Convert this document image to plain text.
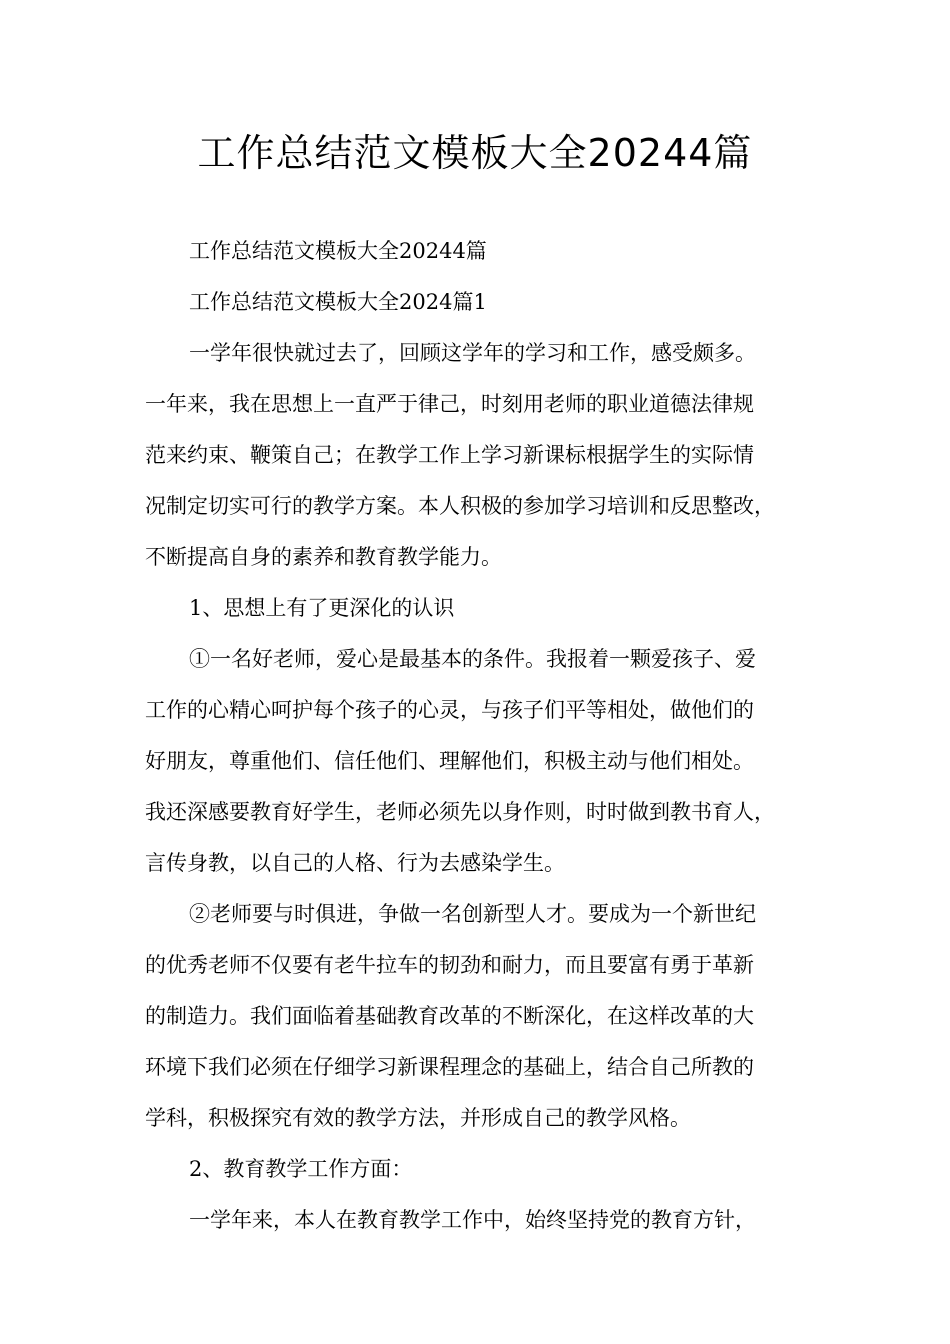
工作总结范文模板大全20244篇
工作总结范文模板大全20244篇
工作总结范文模板大全2024篇1
一学年很快就过去了，回顾这学年的学习和工作，感受颇多。
一年来，我在思想上一直严于律己，时刻用老师的职业道德法律规
范来约束、鞭策自己；在教学工作上学习新课标根据学生的实际情
况制定切实可行的教学方案。本人积极的参加学习培训和反思整改，
不断提高自身的素养和教育教学能力。
1、思想上有了更深化的认识
①一名好老师，爱心是最基本的条件。我报着一颗爱孩子、爱
工作的心精心呵护每个孩子的心灵，与孩子们平等相处，做他们的
好朋友，尊重他们、信任他们、理解他们，积极主动与他们相处。
我还深感要教育好学生，老师必须先以身作则，时时做到教书育人，
言传身教，以自己的人格、行为去感染学生。
②老师要与时俱进，争做一名创新型人才。要成为一个新世纪
的优秀老师不仅要有老牛拉车的韧劲和耐力，而且要富有勇于革新
的制造力。我们面临着基础教育改革的不断深化，在这样改革的大
环境下我们必须在仔细学习新课程理念的基础上，结合自己所教的
学科，积极探究有效的教学方法，并形成自己的教学风格。
2、教育教学工作方面：
一学年来，本人在教育教学工作中，始终坚持党的教育方针，
